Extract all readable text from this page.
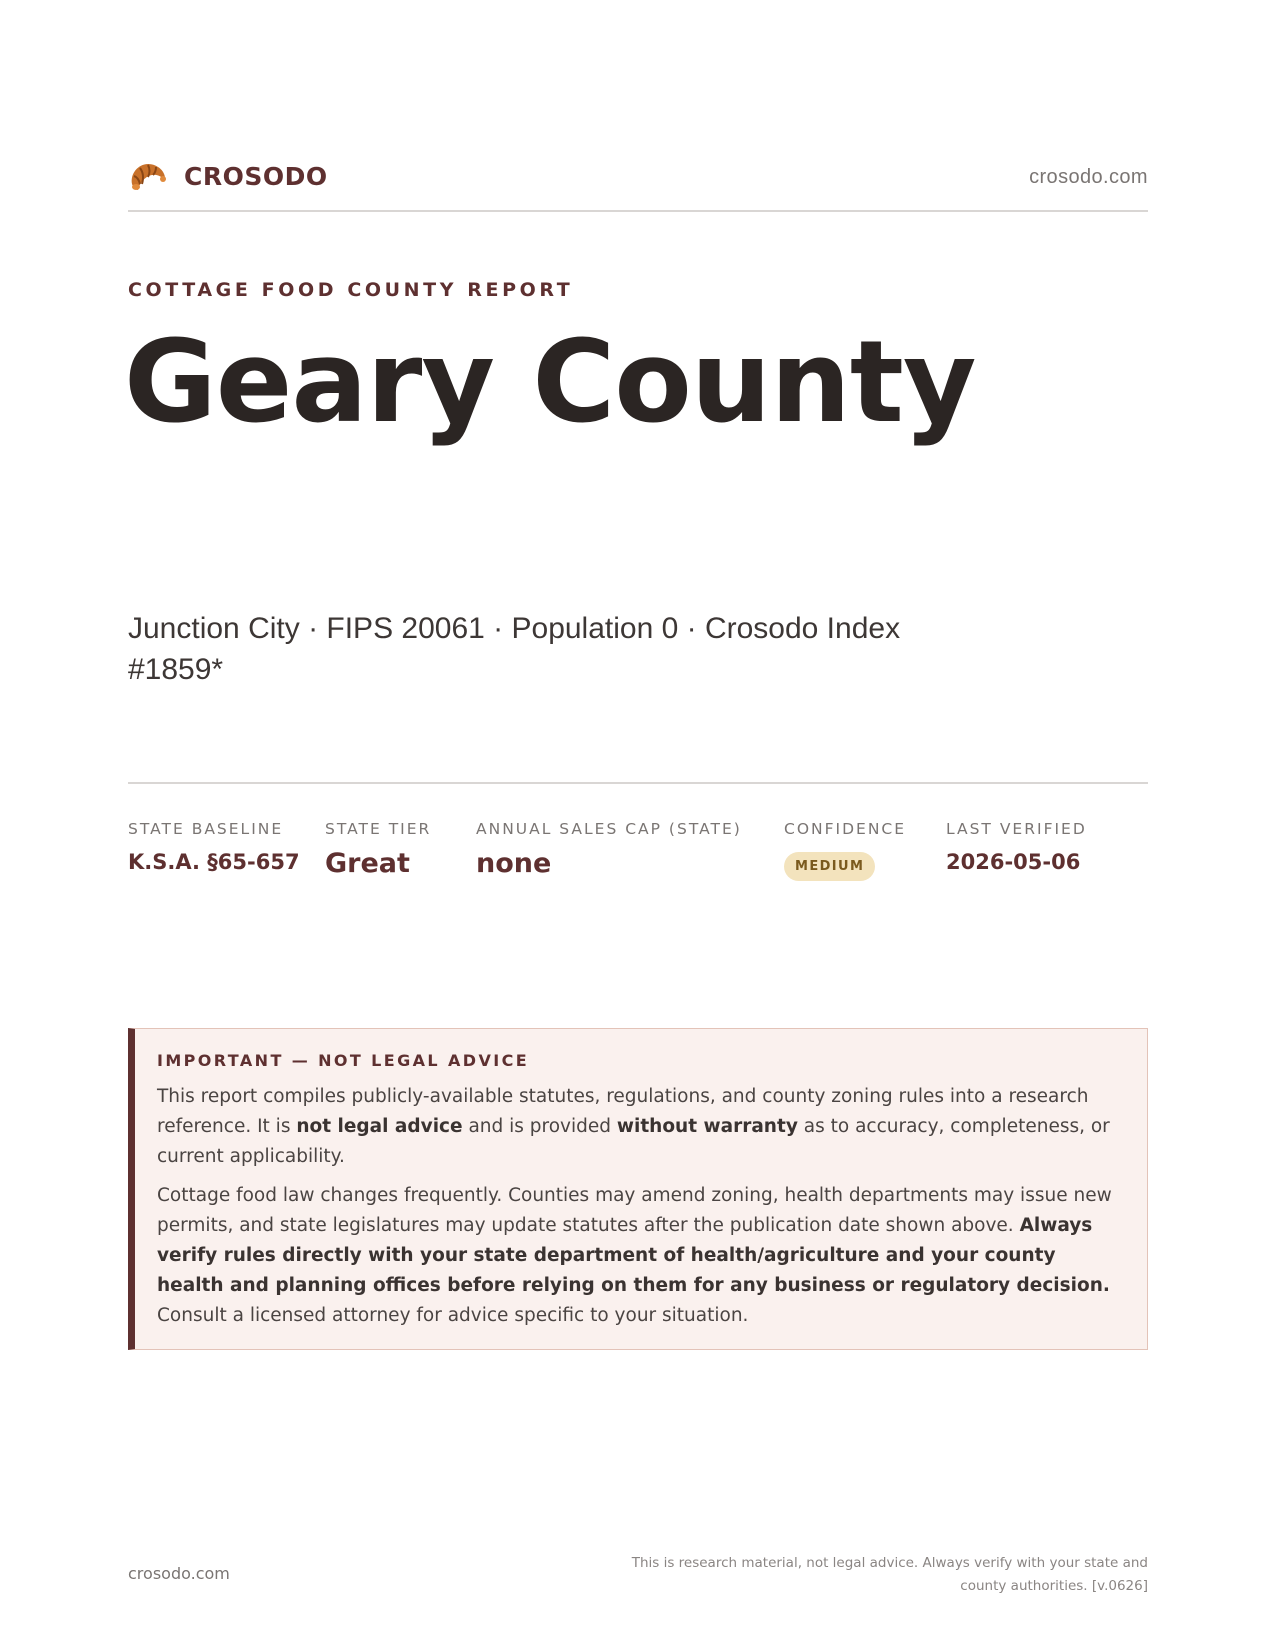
CROSODO	crosodo.com
COTTAGE FOOD COUNTY REPORT
Geary County
Junction City · FIPS 20061 · Population 0 · Crosodo Index #1859*
STATE BASELINE
K.S.A. §65-657
STATE TIER
Great
ANNUAL SALES CAP (STATE)
none
CONFIDENCE
MEDIUM
LAST VERIFIED
2026-05-06
IMPORTANT — NOT LEGAL ADVICE

This report compiles publicly-available statutes, regulations, and county zoning rules into a research reference. It is not legal advice and is provided without warranty as to accuracy, completeness, or current applicability.

Cottage food law changes frequently. Counties may amend zoning, health departments may issue new permits, and state legislatures may update statutes after the publication date shown above. Always verify rules directly with your state department of health/agriculture and your county health and planning offices before relying on them for any business or regulatory decision. Consult a licensed attorney for advice specific to your situation.

crosodo.com
This is research material, not legal advice. Always verify with your state and county authorities. [v.0626]
